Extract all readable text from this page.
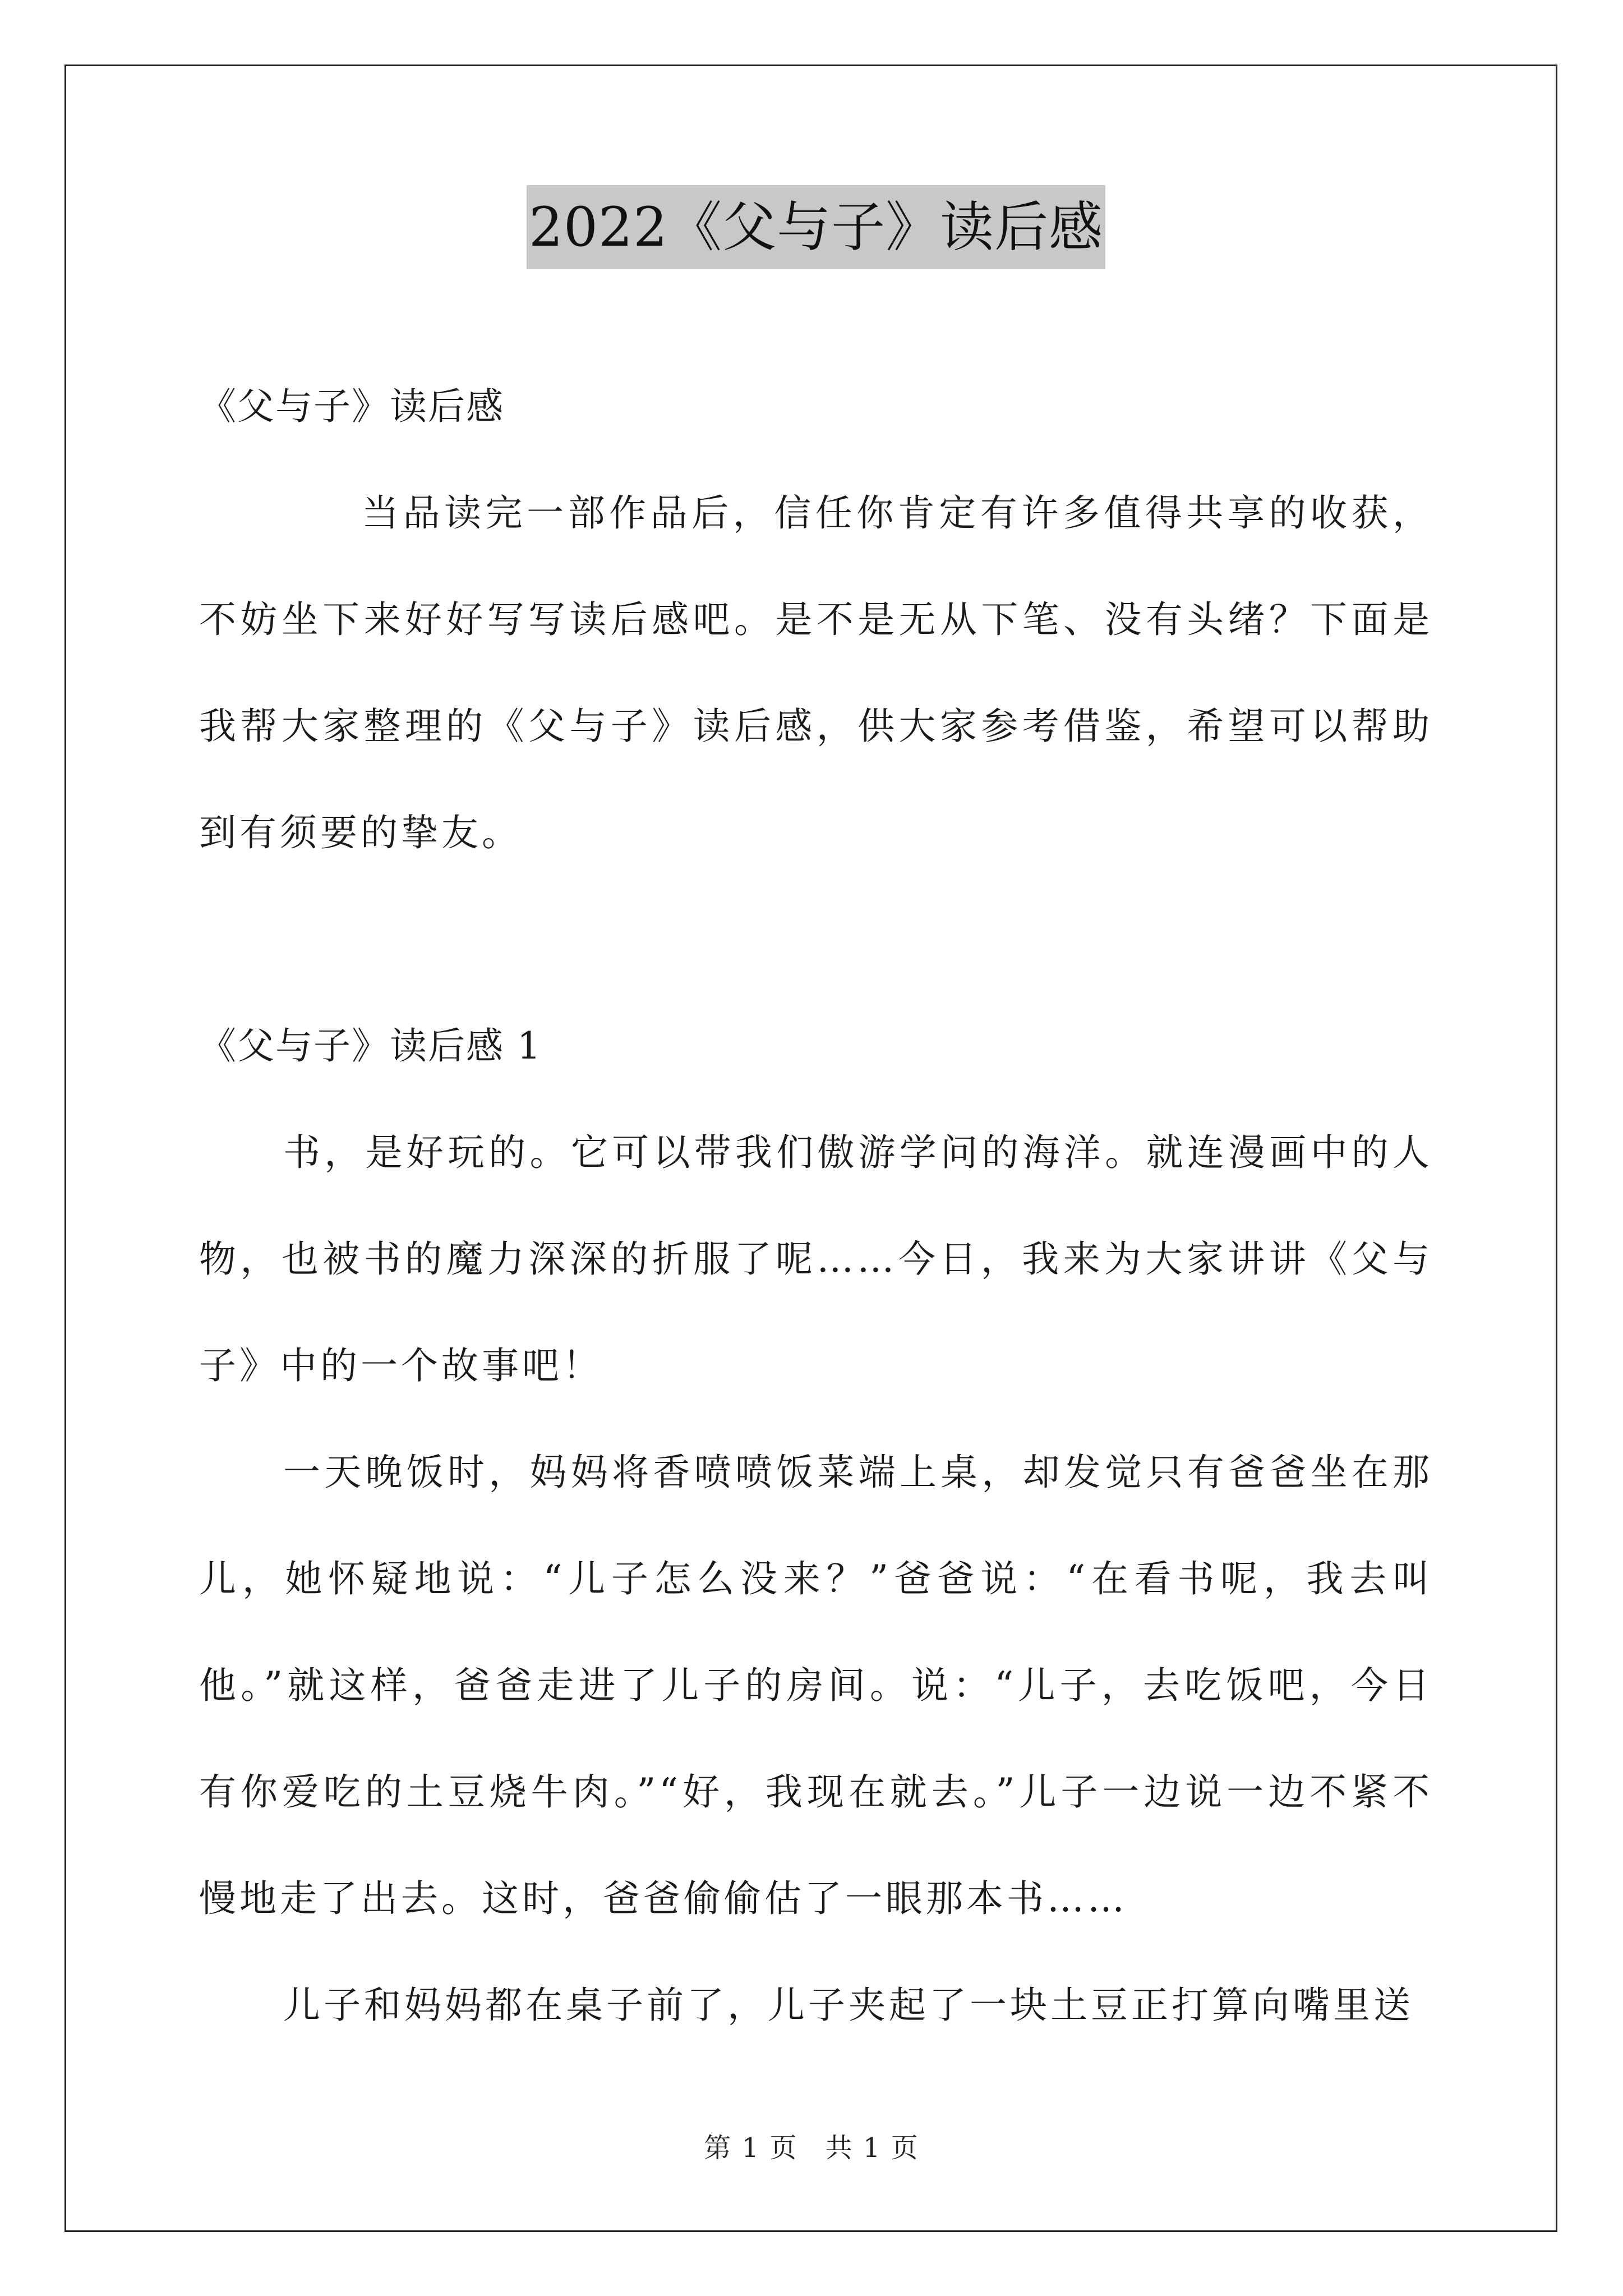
2022《父与子》读后感

《父与子》读后感

当品读完一部作品后，信任你肯定有许多值得共享的收获，不妨坐下来好好写写读后感吧。是不是无从下笔、没有头绪？下面是我帮大家整理的《父与子》读后感，供大家参考借鉴，希望可以帮助到有须要的挚友。

《父与子》读后感 1

书，是好玩的。它可以带我们傲游学问的海洋。就连漫画中的人物，也被书的魔力深深的折服了呢……今日，我来为大家讲讲《父与子》中的一个故事吧！

一天晚饭时，妈妈将香喷喷饭菜端上桌，却发觉只有爸爸坐在那儿，她怀疑地说：“儿子怎么没来？”爸爸说：“在看书呢，我去叫他。”就这样，爸爸走进了儿子的房间。说：“儿子，去吃饭吧，今日有你爱吃的土豆烧牛肉。”“好，我现在就去。”儿子一边说一边不紧不慢地走了出去。这时，爸爸偷偷估了一眼那本书……

儿子和妈妈都在桌子前了，儿子夹起了一块土豆正打算向嘴里送

第 1 页 共 1 页
